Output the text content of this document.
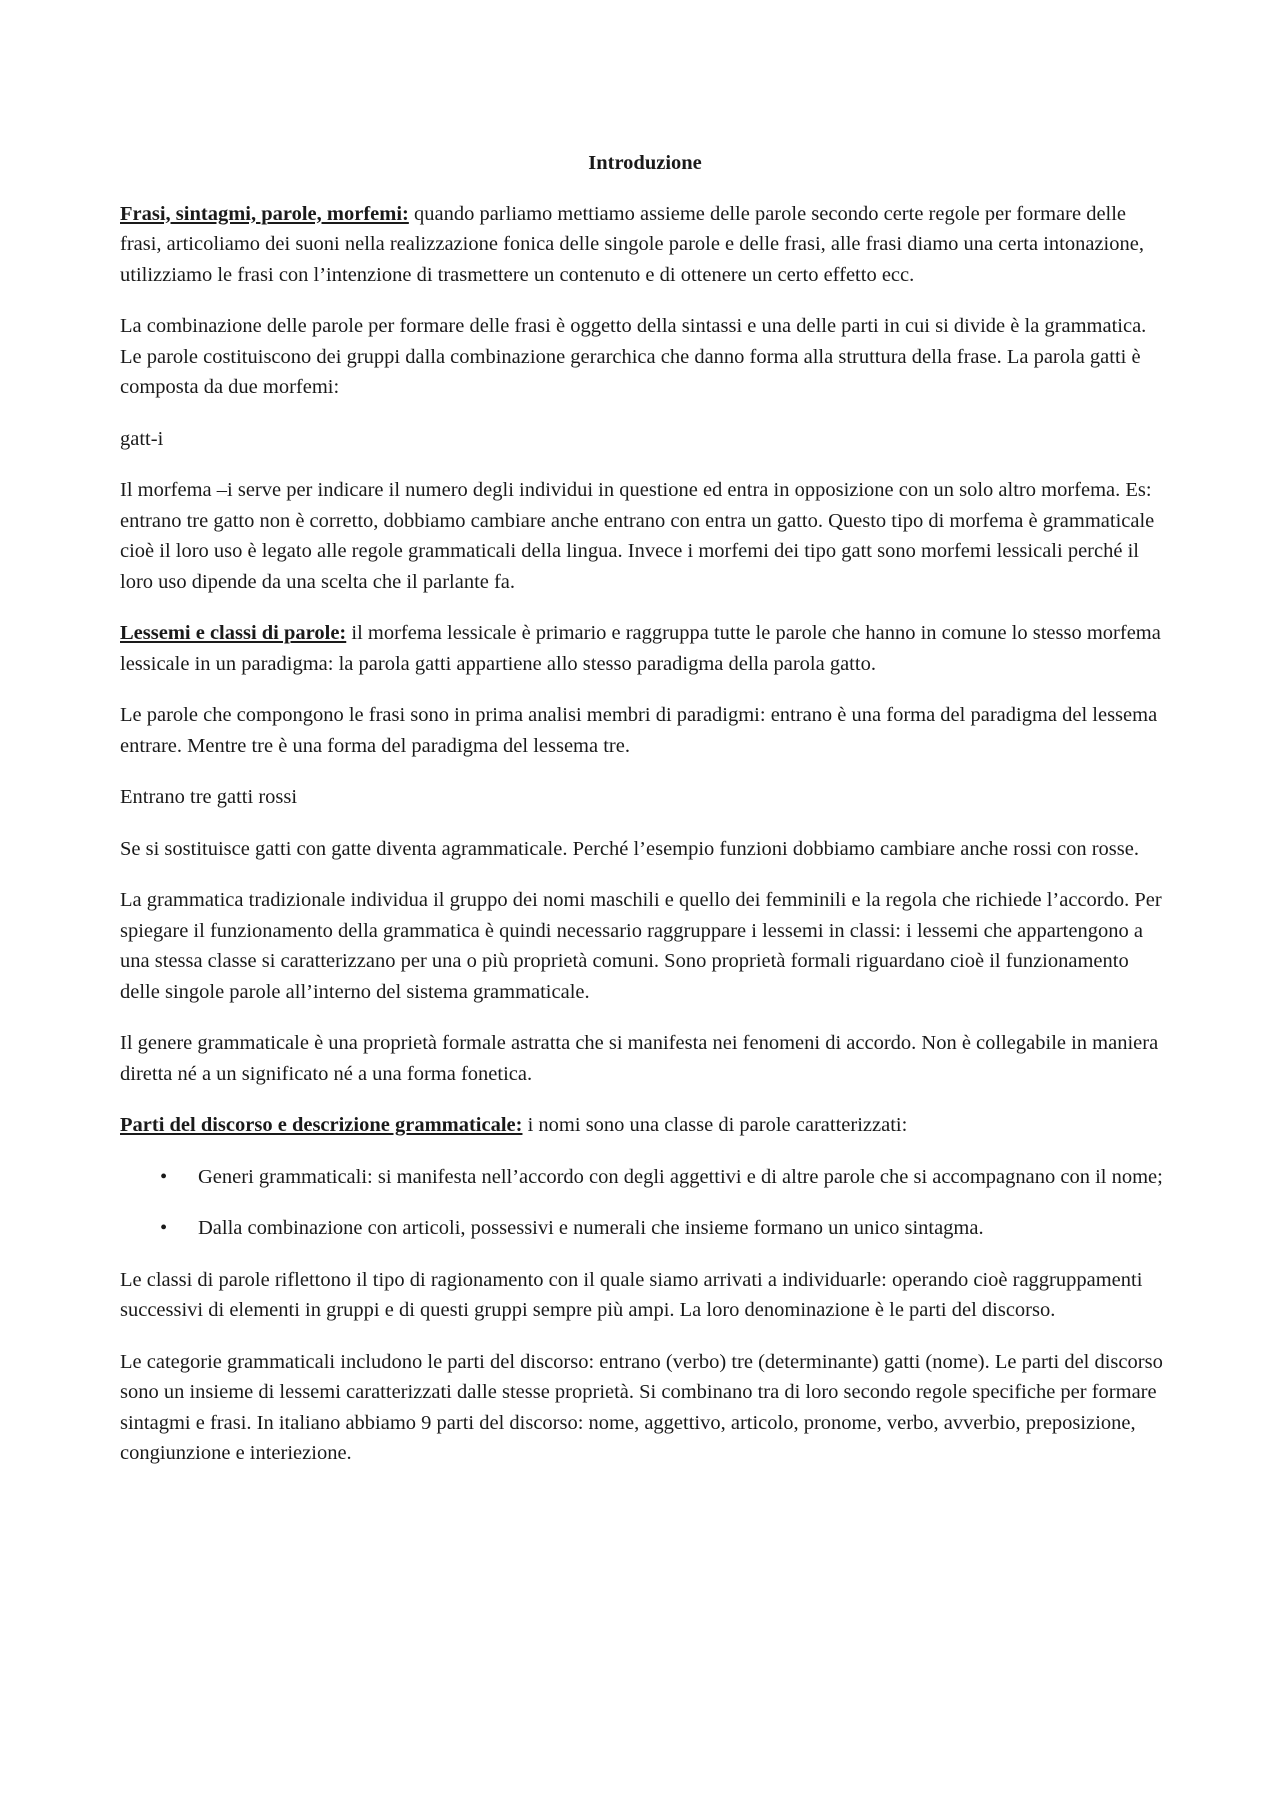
Introduzione

Frasi, sintagmi, parole, morfemi: quando parliamo mettiamo assieme delle parole secondo certe regole per formare delle frasi, articoliamo dei suoni nella realizzazione fonica delle singole parole e delle frasi, alle frasi diamo una certa intonazione, utilizziamo le frasi con l’intenzione di trasmettere un contenuto e di ottenere un certo effetto ecc.

La combinazione delle parole per formare delle frasi è oggetto della sintassi e una delle parti in cui si divide è la grammatica. Le parole costituiscono dei gruppi dalla combinazione gerarchica che danno forma alla struttura della frase. La parola gatti è composta da due morfemi:

gatt-i

Il morfema –i serve per indicare il numero degli individui in questione ed entra in opposizione con un solo altro morfema. Es: entrano tre gatto non è corretto, dobbiamo cambiare anche entrano con entra un gatto. Questo tipo di morfema è grammaticale cioè il loro uso è legato alle regole grammaticali della lingua. Invece i morfemi dei tipo gatt sono morfemi lessicali perché il loro uso dipende da una scelta che il parlante fa.

Lessemi e classi di parole: il morfema lessicale è primario e raggruppa tutte le parole che hanno in comune lo stesso morfema lessicale in un paradigma: la parola gatti appartiene allo stesso paradigma della parola gatto.

Le parole che compongono le frasi sono in prima analisi membri di paradigmi: entrano è una forma del paradigma del lessema entrare. Mentre tre è una forma del paradigma del lessema tre.

Entrano tre gatti rossi

Se si sostituisce gatti con gatte diventa agrammaticale. Perché l’esempio funzioni dobbiamo cambiare anche rossi con rosse.

La grammatica tradizionale individua il gruppo dei nomi maschili e quello dei femminili e la regola che richiede l’accordo. Per spiegare il funzionamento della grammatica è quindi necessario raggruppare i lessemi in classi: i lessemi che appartengono a una stessa classe si caratterizzano per una o più proprietà comuni. Sono proprietà formali riguardano cioè il funzionamento delle singole parole all’interno del sistema grammaticale.

Il genere grammaticale è una proprietà formale astratta che si manifesta nei fenomeni di accordo. Non è collegabile in maniera diretta né a un significato né a una forma fonetica.

Parti del discorso e descrizione grammaticale: i nomi sono una classe di parole caratterizzati:

• Generi grammaticali: si manifesta nell’accordo con degli aggettivi e di altre parole che si accompagnano con il nome;
• Dalla combinazione con articoli, possessivi e numerali che insieme formano un unico sintagma.

Le classi di parole riflettono il tipo di ragionamento con il quale siamo arrivati a individuarle: operando cioè raggruppamenti successivi di elementi in gruppi e di questi gruppi sempre più ampi. La loro denominazione è le parti del discorso.

Le categorie grammaticali includono le parti del discorso: entrano (verbo) tre (determinante) gatti (nome). Le parti del discorso sono un insieme di lessemi caratterizzati dalle stesse proprietà. Si combinano tra di loro secondo regole specifiche per formare sintagmi e frasi. In italiano abbiamo 9 parti del discorso: nome, aggettivo, articolo, pronome, verbo, avverbio, preposizione, congiunzione e interiezione.
